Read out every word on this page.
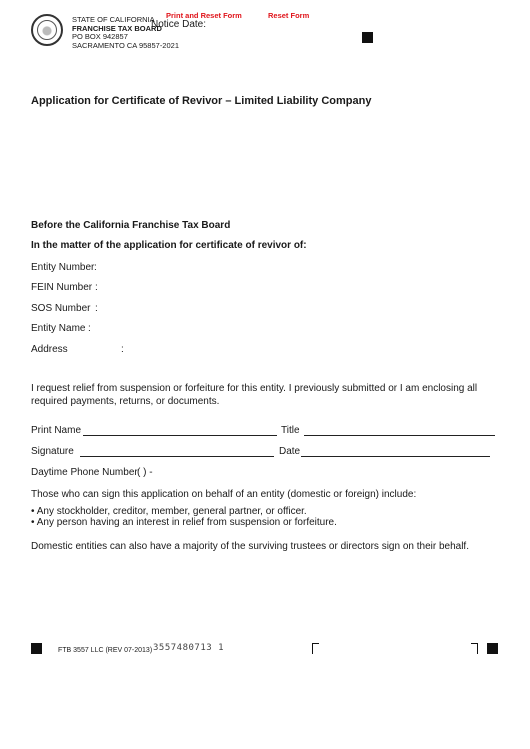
STATE OF CALIFORNIA
FRANCHISE TAX BOARD
PO BOX 942857
SACRAMENTO CA 95857-2021
Print and Reset Form	Reset Form
Notice Date:
Application for Certificate of Revivor – Limited Liability Company
Before the California Franchise Tax Board
In the matter of the application for certificate of revivor of:
Entity Number :
FEIN Number :
SOS Number :
Entity Name :
Address	:
I request relief from suspension or forfeiture for this entity. I previously submitted or I am enclosing all required payments, returns, or documents.
Print Name	Title
Signature	Date
Daytime Phone Number ( ) -
Those who can sign this application on behalf of an entity (domestic or foreign) include:
• Any stockholder, creditor, member, general partner, or officer.
• Any person having an interest in relief from suspension or forfeiture.
Domestic entities can also have a majority of the surviving trustees or directors sign on their behalf.
FTB 3557 LLC (REV 07-2013) 3557480713 1
